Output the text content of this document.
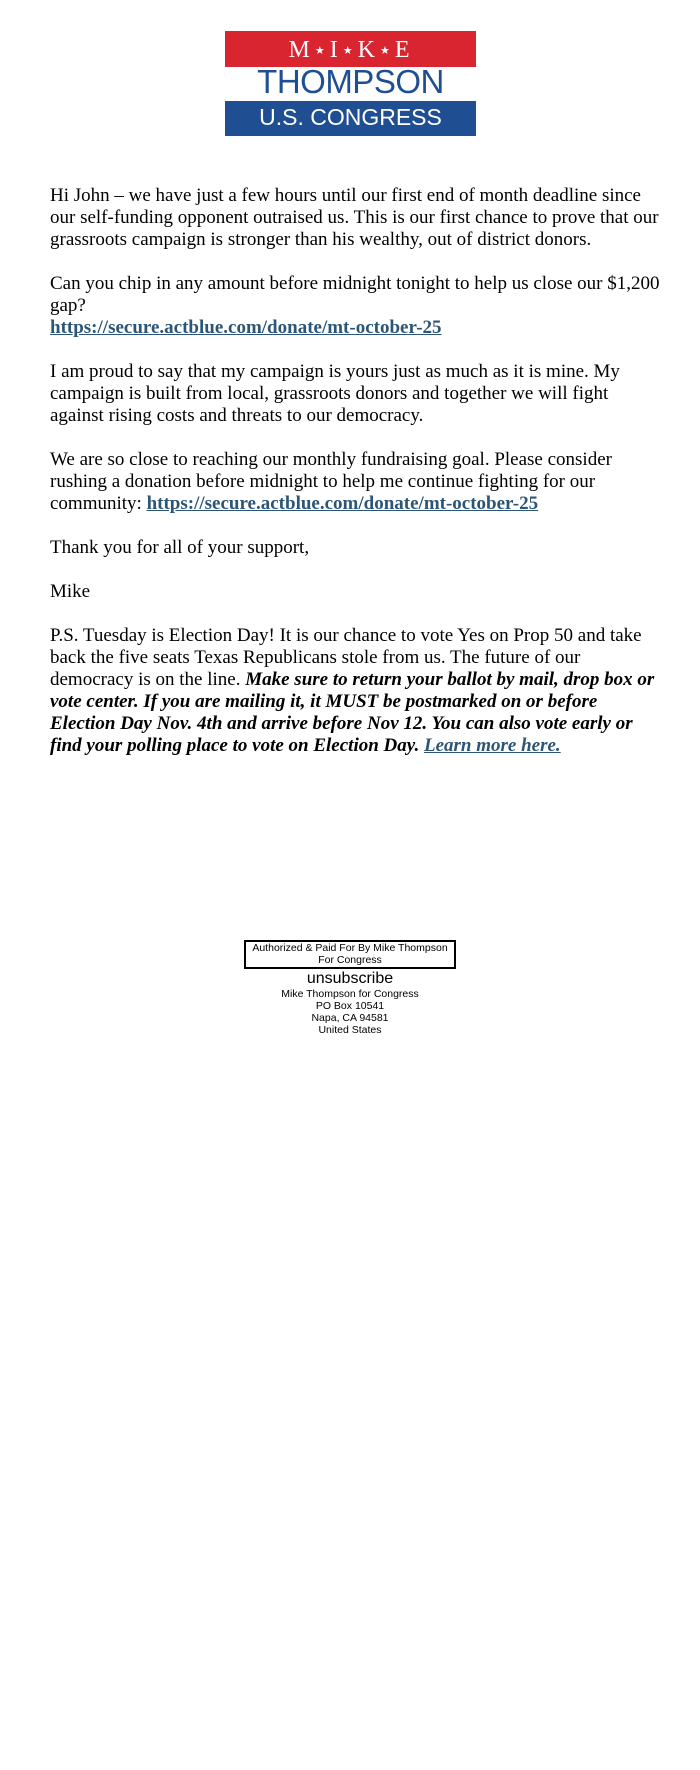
M ★I ★K ★E
THOMPSON
U.S. CONGRESS

Hi John – we have just a few hours until our first end of month deadline since our self-funding opponent outraised us. This is our first chance to prove that our grassroots campaign is stronger than his wealthy, out of district donors.

Can you chip in any amount before midnight tonight to help us close our $1,200 gap?
https://secure.actblue.com/donate/mt-october-25

I am proud to say that my campaign is yours just as much as it is mine. My campaign is built from local, grassroots donors and together we will fight against rising costs and threats to our democracy.

We are so close to reaching our monthly fundraising goal. Please consider rushing a donation before midnight to help me continue fighting for our community: https://secure.actblue.com/donate/mt-october-25

Thank you for all of your support,

Mike

P.S. Tuesday is Election Day! It is our chance to vote Yes on Prop 50 and take back the five seats Texas Republicans stole from us. The future of our democracy is on the line. Make sure to return your ballot by mail, drop box or vote center. If you are mailing it, it MUST be postmarked on or before Election Day Nov. 4th and arrive before Nov 12. You can also vote early or find your polling place to vote on Election Day. Learn more here.

Authorized & Paid For By Mike Thompson For Congress
unsubscribe
Mike Thompson for Congress
PO Box 10541
Napa, CA 94581
United States
